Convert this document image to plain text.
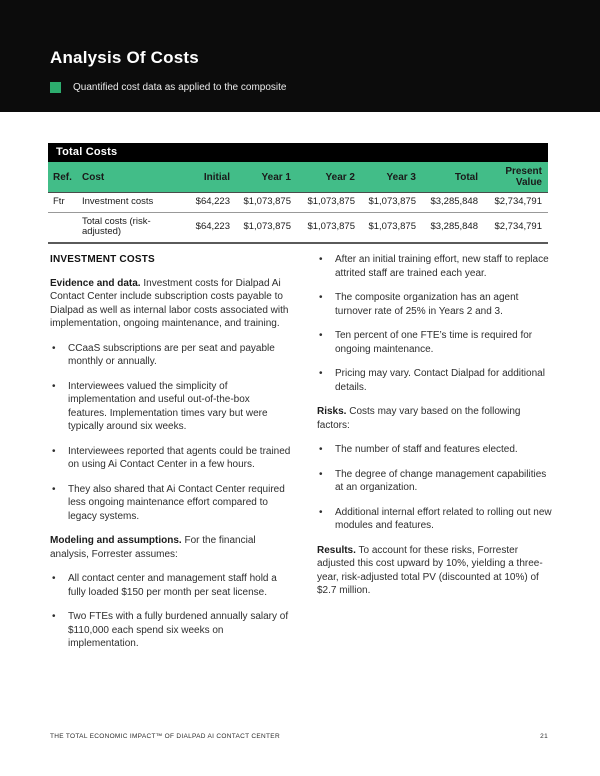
Analysis Of Costs
Quantified cost data as applied to the composite
Total Costs
Ref.	Cost	Initial	Year 1	Year 2	Year 3	Total	Present Value
Ftr	Investment costs	$64,223	$1,073,875	$1,073,875	$1,073,875	$3,285,848	$2,734,791
	Total costs (risk-adjusted)	$64,223	$1,073,875	$1,073,875	$1,073,875	$3,285,848	$2,734,791
INVESTMENT COSTS

Evidence and data. Investment costs for Dialpad Ai Contact Center include subscription costs payable to Dialpad as well as internal labor costs associated with implementation, ongoing maintenance, and training.

• CCaaS subscriptions are per seat and payable monthly or annually.
• Interviewees valued the simplicity of implementation and useful out-of-the-box features. Implementation times vary but were typically around six weeks.
• Interviewees reported that agents could be trained on using Ai Contact Center in a few hours.
• They also shared that Ai Contact Center required less ongoing maintenance effort compared to legacy systems.

Modeling and assumptions. For the financial analysis, Forrester assumes:

• All contact center and management staff hold a fully loaded $150 per month per seat license.
• Two FTEs with a fully burdened annually salary of $110,000 each spend six weeks on implementation.
• After an initial training effort, new staff to replace attrited staff are trained each year.
• The composite organization has an agent turnover rate of 25% in Years 2 and 3.
• Ten percent of one FTE’s time is required for ongoing maintenance.
• Pricing may vary. Contact Dialpad for additional details.

Risks. Costs may vary based on the following factors:

• The number of staff and features elected.
• The degree of change management capabilities at an organization.
• Additional internal effort related to rolling out new modules and features.

Results. To account for these risks, Forrester adjusted this cost upward by 10%, yielding a three-year, risk-adjusted total PV (discounted at 10%) of $2.7 million.

THE TOTAL ECONOMIC IMPACT™ OF DIALPAD AI CONTACT CENTER	21
